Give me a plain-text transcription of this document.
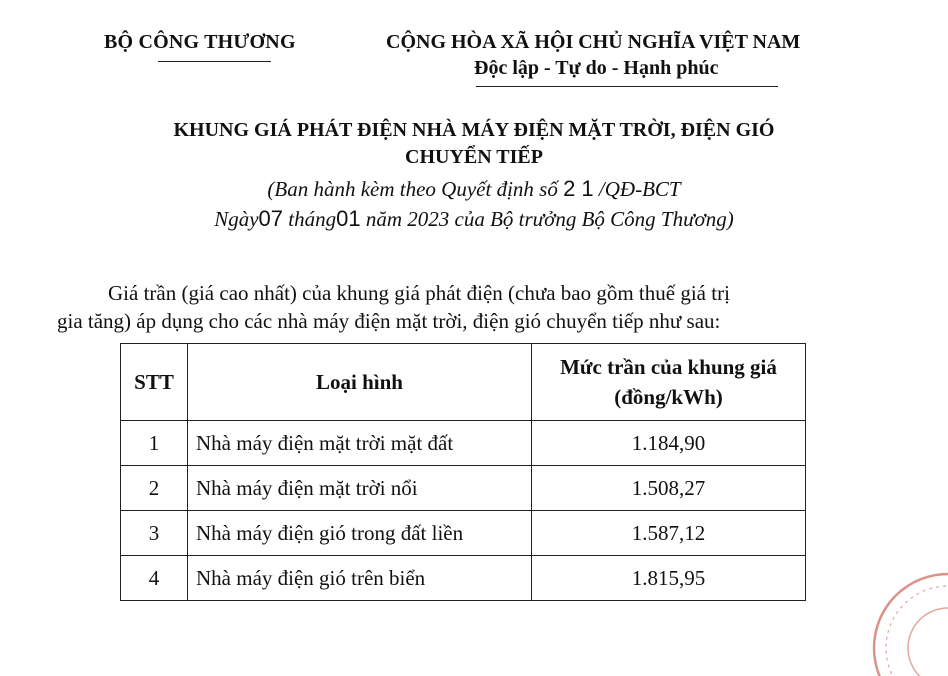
BỘ CÔNG THƯƠNG	CỘNG HÒA XÃ HỘI CHỦ NGHĨA VIỆT NAM
Độc lập - Tự do - Hạnh phúc
KHUNG GIÁ PHÁT ĐIỆN NHÀ MÁY ĐIỆN MẶT TRỜI, ĐIỆN GIÓ
CHUYỂN TIẾP
(Ban hành kèm theo Quyết định số 2 1 /QĐ-BCT
Ngày07 tháng01 năm 2023 của Bộ trưởng Bộ Công Thương)
Giá trần (giá cao nhất) của khung giá phát điện (chưa bao gồm thuế giá trị
gia tăng) áp dụng cho các nhà máy điện mặt trời, điện gió chuyển tiếp như sau:
STT	Loại hình	Mức trần của khung giá
(đồng/kWh)

1	Nhà máy điện mặt trời mặt đất	1.184,90
2	Nhà máy điện mặt trời nổi	1.508,27
3	Nhà máy điện gió trong đất liền	1.587,12
4	Nhà máy điện gió trên biển	1.815,95
